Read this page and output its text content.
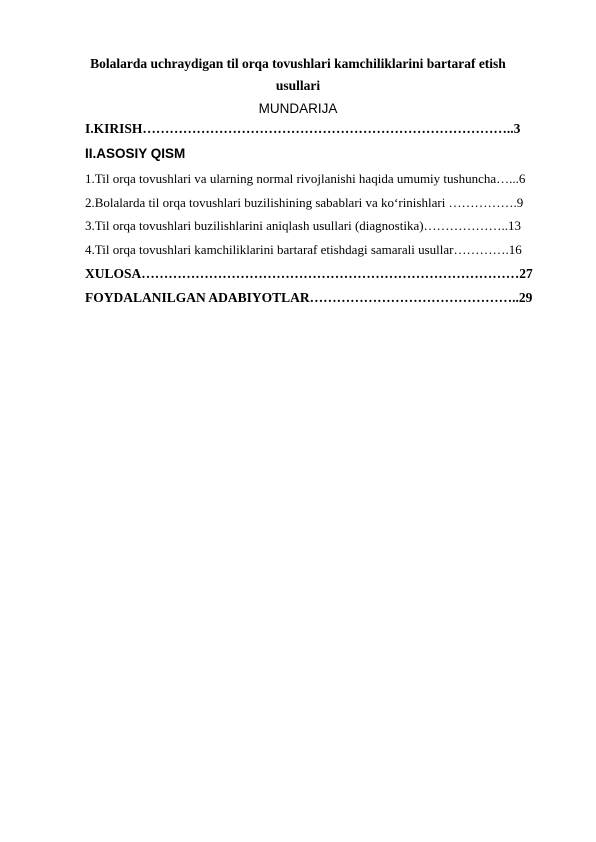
Bolalarda uchraydigan til orqa tovushlari kamchiliklarini bartaraf etish
usullari
MUNDARIJA
I.KIRISH………………………………………………………………………..3
II.ASOSIY QISM
1.Til orqa tovushlari va ularning normal rivojlanishi haqida umumiy tushuncha…...6
2.Bolalarda til orqa tovushlari buzilishining sabablari va ko‘rinishlari …………….9
3.Til orqa tovushlari buzilishlarini aniqlash usullari (diagnostika)………………..13
4.Til orqa tovushlari kamchiliklarini bartaraf etishdagi samarali usullar………….16
XULOSA…………………………………………………………………………27
FOYDALANILGAN ADABIYOTLAR………………………………………..29
